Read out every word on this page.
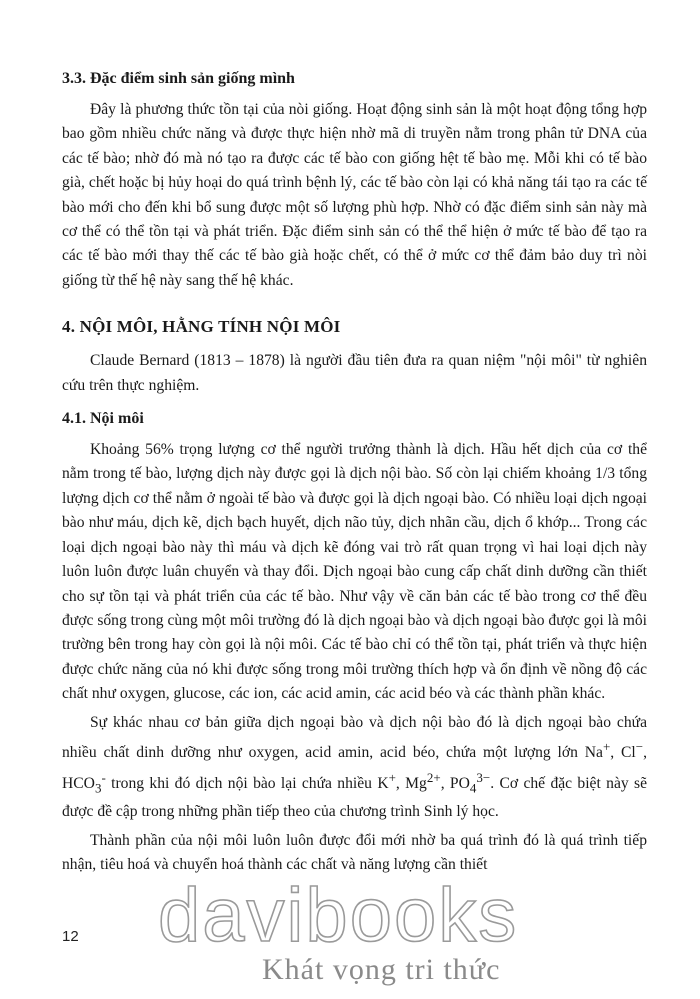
3.3. Đặc điểm sinh sản giống mình

Đây là phương thức tồn tại của nòi giống. Hoạt động sinh sản là một hoạt động tổng hợp bao gồm nhiều chức năng và được thực hiện nhờ mã di truyền nằm trong phân tử DNA của các tế bào; nhờ đó mà nó tạo ra được các tế bào con giống hệt tế bào mẹ. Mỗi khi có tế bào già, chết hoặc bị hủy hoại do quá trình bệnh lý, các tế bào còn lại có khả năng tái tạo ra các tế bào mới cho đến khi bổ sung được một số lượng phù hợp. Nhờ có đặc điểm sinh sản này mà cơ thể có thể tồn tại và phát triển. Đặc điểm sinh sản có thể thể hiện ở mức tế bào để tạo ra các tế bào mới thay thế các tế bào già hoặc chết, có thể ở mức cơ thể đảm bảo duy trì nòi giống từ thế hệ này sang thế hệ khác.

4. NỘI MÔI, HẰNG TÍNH NỘI MÔI

Claude Bernard (1813 – 1878) là người đầu tiên đưa ra quan niệm "nội môi" từ nghiên cứu trên thực nghiệm.

4.1. Nội môi

Khoảng 56% trọng lượng cơ thể người trưởng thành là dịch. Hầu hết dịch của cơ thể nằm trong tế bào, lượng dịch này được gọi là dịch nội bào. Số còn lại chiếm khoảng 1/3 tổng lượng dịch cơ thể nằm ở ngoài tế bào và được gọi là dịch ngoại bào. Có nhiều loại dịch ngoại bào như máu, dịch kẽ, dịch bạch huyết, dịch não tủy, dịch nhãn cầu, dịch ổ khớp... Trong các loại dịch ngoại bào này thì máu và dịch kẽ đóng vai trò rất quan trọng vì hai loại dịch này luôn luôn được luân chuyển và thay đổi. Dịch ngoại bào cung cấp chất dinh dưỡng cần thiết cho sự tồn tại và phát triển của các tế bào. Như vậy về căn bản các tế bào trong cơ thể đều được sống trong cùng một môi trường đó là dịch ngoại bào và dịch ngoại bào được gọi là môi trường bên trong hay còn gọi là nội môi. Các tế bào chỉ có thể tồn tại, phát triển và thực hiện được chức năng của nó khi được sống trong môi trường thích hợp và ổn định về nồng độ các chất như oxygen, glucose, các ion, các acid amin, các acid béo và các thành phần khác.

Sự khác nhau cơ bản giữa dịch ngoại bào và dịch nội bào đó là dịch ngoại bào chứa nhiều chất dinh dưỡng như oxygen, acid amin, acid béo, chứa một lượng lớn Na+, Cl−, $HCO_3^-$ trong khi đó dịch nội bào lại chứa nhiều K+, $Mg^{2+}$, $PO_4^{3-}$. Cơ chế đặc biệt này sẽ được đề cập trong những phần tiếp theo của chương trình Sinh lý học.

Thành phần của nội môi luôn luôn được đổi mới nhờ ba quá trình đó là quá trình tiếp nhận, tiêu hoá và chuyển hoá thành các chất và năng lượng cần thiết

davibooks
Khát vọng tri thức
12
